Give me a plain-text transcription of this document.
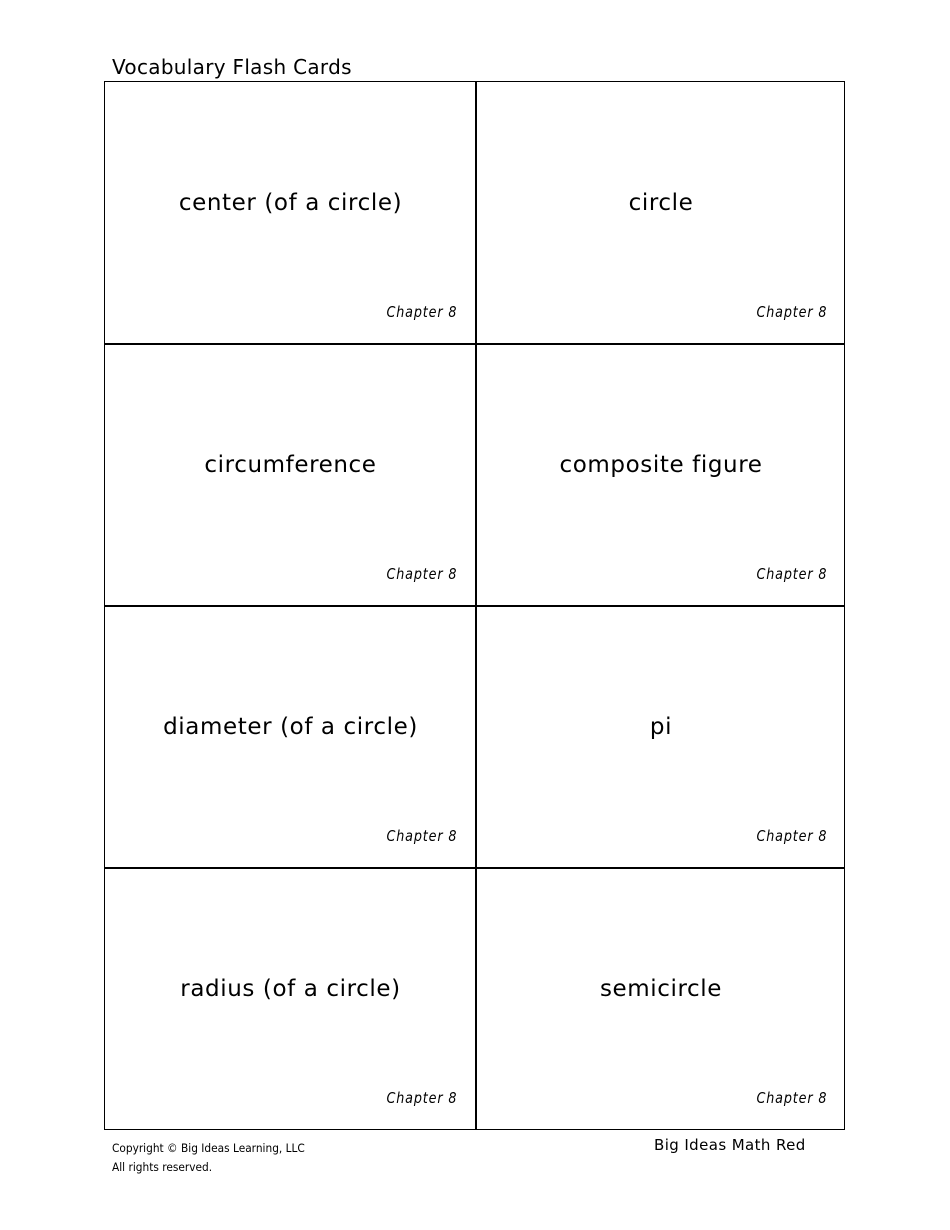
Vocabulary Flash Cards
center (of a circle)
Chapter 8
circle
Chapter 8
circumference
Chapter 8
composite figure
Chapter 8
diameter (of a circle)
Chapter 8
pi
Chapter 8
radius (of a circle)
Chapter 8
semicircle
Chapter 8
Copyright © Big Ideas Learning, LLC
All rights reserved.
Big Ideas Math Red
